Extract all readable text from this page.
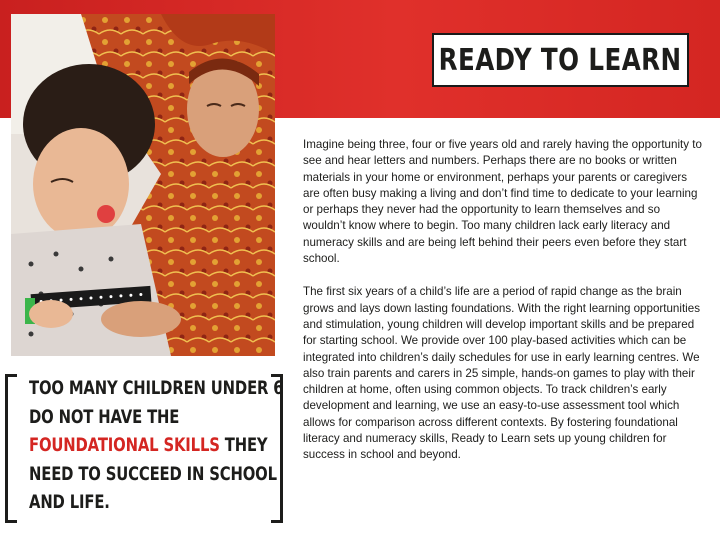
READY TO LEARN

Imagine being three, four or five years old and rarely having the opportunity to see and hear letters and numbers. Perhaps there are no books or written materials in your home or environment, perhaps your parents or caregivers are often busy making a living and don’t find time to dedicate to your learning or perhaps they never had the opportunity to learn themselves and so wouldn’t know where to begin. Too many children lack early literacy and numeracy skills and are being left behind their peers even before they start school.

The first six years of a child’s life are a period of rapid change as the brain grows and lays down lasting foundations. With the right learning opportunities and stimulation, young children will develop important skills and be prepared for starting school. We provide over 100 play-based activities which can be integrated into children’s daily schedules for use in early learning centres. We also train parents and carers in 25 simple, hands-on games to play with their children at home, often using common objects. To track children’s early development and learning, we use an easy-to-use assessment tool which allows for comparison across different contexts. By fostering foundational literacy and numeracy skills, Ready to Learn sets up young children for success in school and beyond.

TOO MANY CHILDREN UNDER 6
DO NOT HAVE THE
FOUNDATIONAL SKILLS THEY
NEED TO SUCCEED IN SCHOOL
AND LIFE.
